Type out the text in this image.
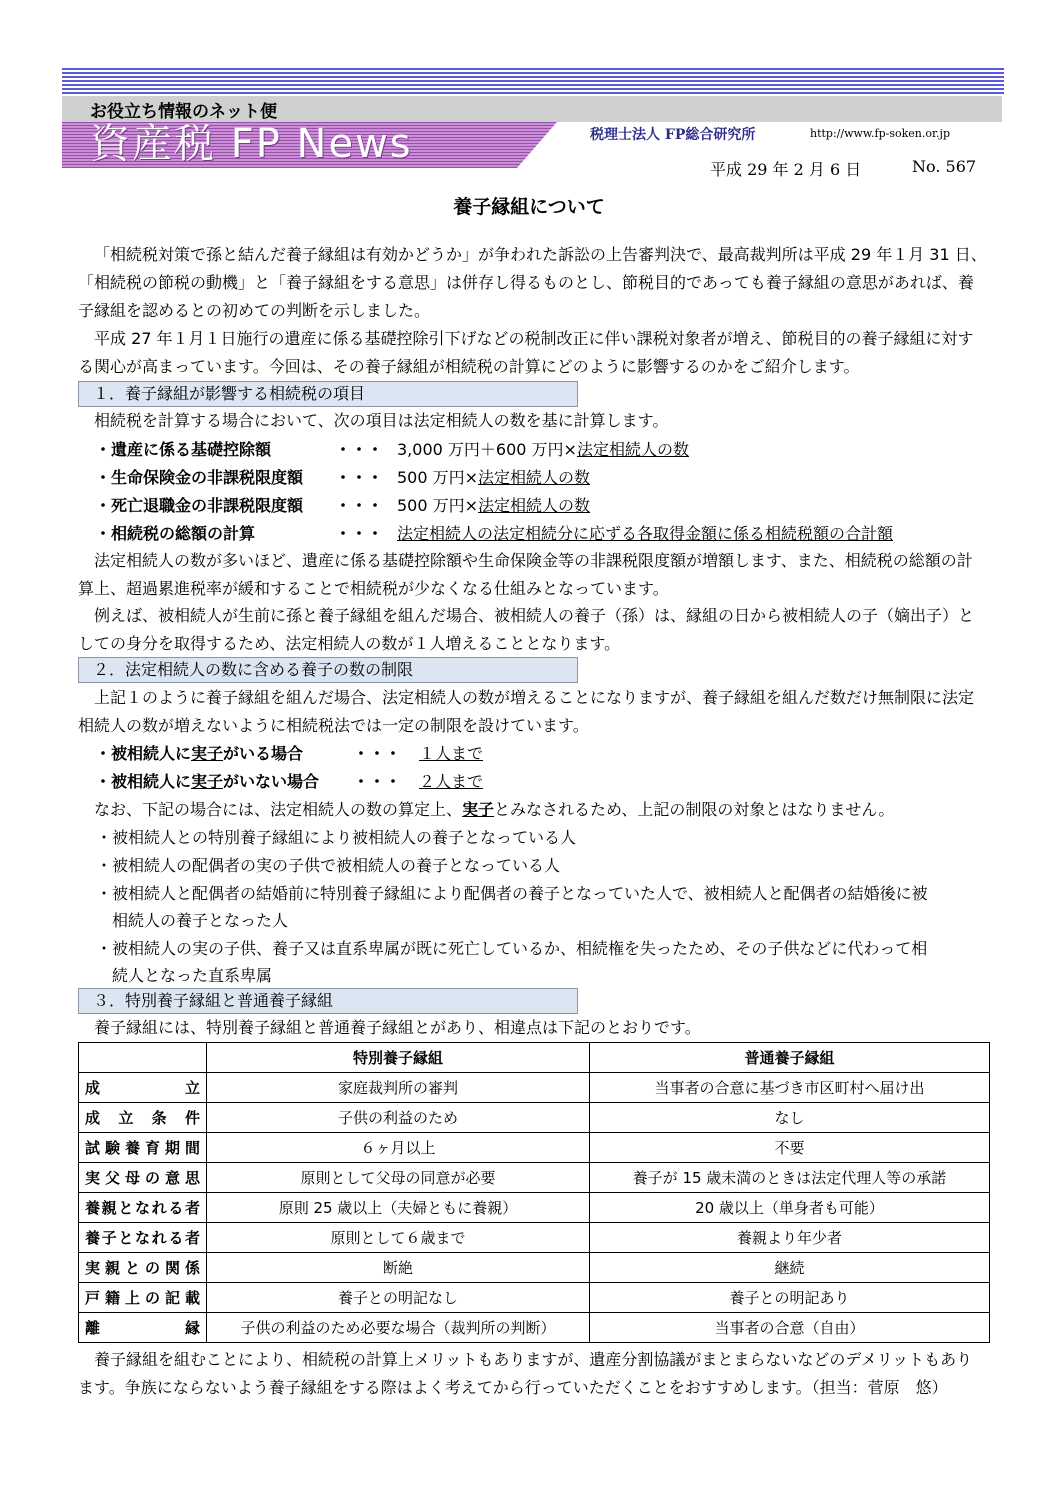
お役立ち情報のネット便
資産税 FP News	税理士法人 FP総合研究所	http://www.fp-soken.or.jp
平成 29 年 2 月 6 日	No. 567
養子縁組について
「相続税対策で孫と結んだ養子縁組は有効かどうか」が争われた訴訟の上告審判決で、最高裁判所は平成 29 年１月 31 日、「相続税の節税の動機」と「養子縁組をする意思」は併存し得るものとし、節税目的であっても養子縁組の意思があれば、養子縁組を認めるとの初めての判断を示しました。
平成 27 年１月１日施行の遺産に係る基礎控除引下げなどの税制改正に伴い課税対象者が増え、節税目的の養子縁組に対する関心が高まっています。今回は、その養子縁組が相続税の計算にどのように影響するのかをご紹介します。
１．養子縁組が影響する相続税の項目
相続税を計算する場合において、次の項目は法定相続人の数を基に計算します。
・遺産に係る基礎控除額	・・・ 3,000 万円＋600 万円×法定相続人の数
・生命保険金の非課税限度額 ・・・ 500 万円×法定相続人の数
・死亡退職金の非課税限度額 ・・・ 500 万円×法定相続人の数
・相続税の総額の計算	・・・ 法定相続人の法定相続分に応ずる各取得金額に係る相続税額の合計額
法定相続人の数が多いほど、遺産に係る基礎控除額や生命保険金等の非課税限度額が増額します、また、相続税の総額の計算上、超過累進税率が緩和することで相続税が少なくなる仕組みとなっています。
例えば、被相続人が生前に孫と養子縁組を組んだ場合、被相続人の養子（孫）は、縁組の日から被相続人の子（嫡出子）としての身分を取得するため、法定相続人の数が１人増えることとなります。
２．法定相続人の数に含める養子の数の制限
上記１のように養子縁組を組んだ場合、法定相続人の数が増えることになりますが、養子縁組を組んだ数だけ無制限に法定相続人の数が増えないように相続税法では一定の制限を設けています。
・被相続人に実子がいる場合	・・・ １人まで
・被相続人に実子がいない場合 ・・・ ２人まで
なお、下記の場合には、法定相続人の数の算定上、実子とみなされるため、上記の制限の対象とはなりません。
・被相続人との特別養子縁組により被相続人の養子となっている人
・被相続人の配偶者の実の子供で被相続人の養子となっている人
・被相続人と配偶者の結婚前に特別養子縁組により配偶者の養子となっていた人で、被相続人と配偶者の結婚後に被
相続人の養子となった人
・被相続人の実の子供、養子又は直系卑属が既に死亡しているか、相続権を失ったため、その子供などに代わって相
続人となった直系卑属
３．特別養子縁組と普通養子縁組
養子縁組には、特別養子縁組と普通養子縁組とがあり、相違点は下記のとおりです。
	特別養子縁組	普通養子縁組
成　立	家庭裁判所の審判	当事者の合意に基づき市区町村へ届け出
成立条件	子供の利益のため	なし
試験養育期間	６ヶ月以上	不要
実父母の意思	原則として父母の同意が必要	養子が 15 歳未満のときは法定代理人等の承諾
養親となれる者	原則 25 歳以上（夫婦ともに養親）	20 歳以上（単身者も可能）
養子となれる者	原則として６歳まで	養親より年少者
実親との関係	断絶	継続
戸籍上の記載	養子との明記なし	養子との明記あり
離　縁	子供の利益のため必要な場合（裁判所の判断）	当事者の合意（自由）
養子縁組を組むことにより、相続税の計算上メリットもありますが、遺産分割協議がまとまらないなどのデメリットもあります。争族にならないよう養子縁組をする際はよく考えてから行っていただくことをおすすめします。（担当：菅原　悠）
